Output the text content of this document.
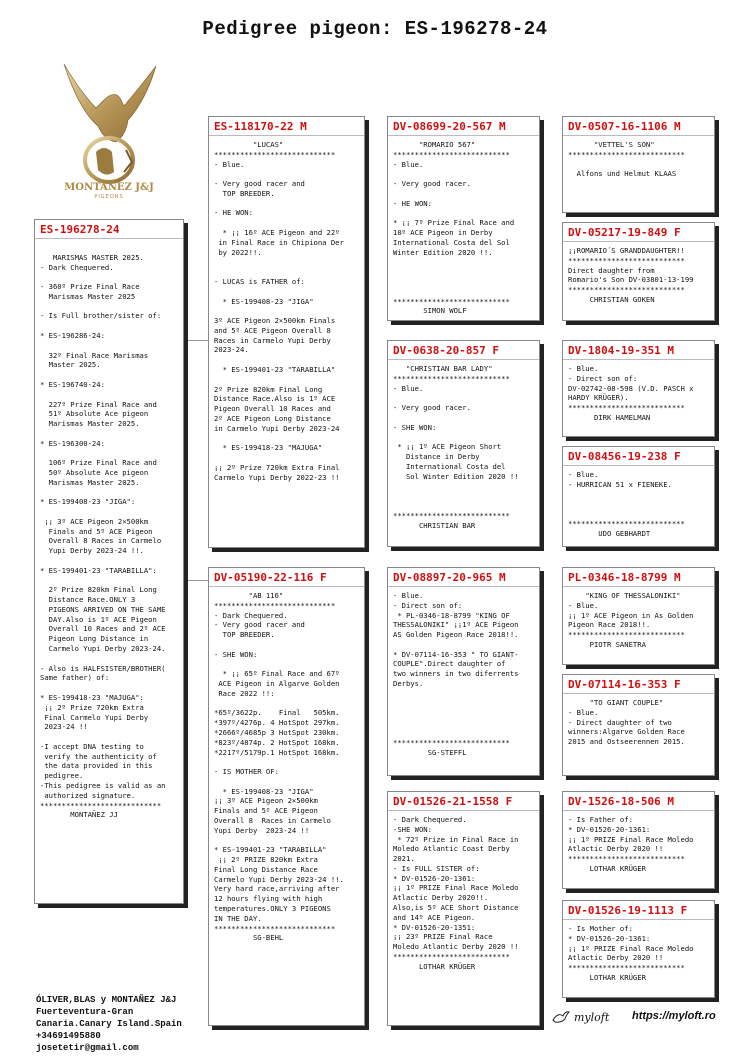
Pedigree pigeon: ES-196278-24
MONTAÑEZ J&J
PIGEONS
ES-196278-24

MARISMAS MASTER 2025.
- Dark Chequered.

- 360º Prize Final Race
Marismas Master 2025

- Is Full brother/sister of:

* ES-196286-24:

32º Final Race Marismas
Master 2025.

* ES-196740-24:

227º Prize Final Race and
51º Absolute Ace pigeon
Marismas Master 2025.

* ES-196300-24:

106º Prize Final Race and
50º Absolute Ace pigeon
Marismas Master 2025.

* ES-199408-23 "JIGA":

¡¡ 3º ACE Pigeon 2×500km
Finals and 5º ACE Pigeon
Overall 8 Races in Carmelo
Yupi Derby 2023-24 !!.

* ES-199401-23 "TARABILLA":

2º Prize 820km Final Long
Distance Race.ONLY 3
PIGEONS ARRIVED ON THE SAME
DAY.Also is 1º ACE Pigeon
Overall 10 Races and 2º ACE
Pigeon Long Distance in
Carmelo Yupi Derby 2023-24.

- Also is HALFSISTER/BROTHER(
Same father) of:

* ES-199418-23 "MAJUGA":
¡¡ 2º Prize 720km Extra
Final Carmelo Yupi Derby
2023-24 !!

-I accept DNA testing to
verify the authenticity of
the data provided in this
pedigree.
-This pedigree is valid as an
authorized signature.
****************************
MONTAÑEZ JJ
ES-118170-22 M
"LUCAS"
****************************
- Blue.

- Very good racer and
TOP BREEDER.

- HE WON:

* ¡¡ 16º ACE Pigeon and 22º
in Final Race in Chipiona Der
by 2022!!.

- LUCAS is FATHER of:

* ES-199408-23 "JIGA"

3º ACE Pigeon 2×500km Finals
and 5º ACE Pigeon Overall 8
Races in Carmelo Yupi Derby
2023-24.

* ES-199401-23 "TARABILLA"

2º Prize 820km Final Long
Distance Race.Also is 1º ACE
Pigeon Overall 10 Races and
2º ACE Pigeon Long Distance
in Carmelo Yupi Derby 2023-24

* ES-199418-23 "MAJUGA"

¡¡ 2º Prize 720km Extra Final
Carmelo Yupi Derby 2022-23 !!
DV-05190-22-116 F
"AB 116"
****************************
- Dark Chequered.
- Very good racer and
TOP BREEDER.

- SHE WON:

* ¡¡ 65º Final Race and 67º
ACE Pigeon in Algarve Golden
Race 2022 !!:

*65º/3622p.    Final   505km.
*397º/4276p. 4 HotSpot 297km.
*2666º/4685p 3 HotSpot 230km.
*823º/4874p. 2 HotSpot 168km.
*2217º/5179p.1 HotSpot 168km.

- IS MOTHER OF:

* ES-199408-23 "JIGA"
¡¡ 3º ACE Pigeon 2×500km
Finals and 5º ACE Pigeon
Overall 8  Races in Carmelo
Yupi Derby  2023-24 !!

* ES-199401-23 "TARABILLA"
¡¡ 2º PRIZE 820km Extra
Final Long Distance Race
Carmelo Yupi Derby 2023-24 !!.
Very hard race,arriving after
12 hours flying with high
temperatures.ONLY 3 PIGEONS
IN THE DAY.
****************************
SG-BEHL
DV-08699-20-567 M
"ROMARIO 567"
***************************
- Blue.

- Very good racer.

- HE WON:

* ¡¡ 7º Prize Final Race and
10º ACE Pigeon in Derby
International Costa del Sol
Winter Edition 2020 !!.

***************************
SIMON WOLF
DV-0638-20-857 F
"CHRISTIAN BAR LADY"
***************************
- Blue.

- Very good racer.

- SHE WON:

* ¡¡ 1º ACE Pigeon Short
Distance in Derby
International Costa del
Sol Winter Edition 2020 !!

***************************
CHRISTIAN BAR
DV-08897-20-965 M
- Blue.
- Direct son of:
* PL-0346-18-8799 "KING OF
THESSALONIKI" ¡¡1º ACE Pigeon
AS Golden Pigeon Race 2018!!.

* DV-07114-16-353 " TO GIANT-
COUPLE".Direct daughter of
two winners in two diferrents
Derbys.

***************************
SG-STEFFL
DV-01526-21-1558 F
- Dark Chequered.
-SHE WON:
* 72º Prize in Final Race in
Moledo Atlantic Coast Derby
2021.
- Is FULL SISTER of:
* DV-01526-20-1361:
¡¡ 1º PRIZE Final Race Moledo
Atlactic Derby 2020!!.
Also,is 5º ACE Short Distance
and 14º ACE Pigeon.
* DV-01526-20-1351:
¡¡ 23º PRIZE Final Race
Moledo Atlantic Derby 2020 !!
***************************
LOTHAR KRÜGER
DV-0507-16-1106 M
"VETTEL'S SON"
***************************

Alfons und Helmut KLAAS
DV-05217-19-849 F
¡¡ROMARIO´S GRANDDAUGHTER!!
***************************
Direct daughter from
Romario's Son DV-03801-13-199
***************************
CHRISTIAN GOKEN
DV-1804-19-351 M
- Blue.
- Direct son of:
DV-02742-08-598 (V.D. PASCH x
HARDY KRÜGER).
***************************
DIRK HAMELMAN
DV-08456-19-238 F
- Blue.
- HURRICAN 51 x FIENEKE.

***************************
UDO GEBHARDT
PL-0346-18-8799 M
"KING OF THESSALONIKI"
- Blue.
¡¡ 1º ACE Pigeon in As Golden
Pigeon Race 2018!!.
***************************
PIOTR SANETRA
DV-07114-16-353 F
"TO GIANT COUPLE"
- Blue.
- Direct daughter of two
winners:Algarve Golden Race
2015 and Ostseerennen 2015.
DV-1526-18-506 M
- Is Father of:
* DV-01526-20-1361:
¡¡ 1º PRIZE Final Race Moledo
Atlactic Derby 2020 !!
***************************
LOTHAR KRÜGER
DV-01526-19-1113 F
- Is Mother of:
* DV-01526-20-1361:
¡¡ 1º PRIZE Final Race Moledo
Atlactic Derby 2020 !!
***************************
LOTHAR KRÜGER
ÓLIVER,BLAS y MONTAÑEZ J&J
Fuerteventura-Gran
Canaria.Canary Island.Spain
+34691495880
josetetir@gmail.com
myloft https://myloft.ro
